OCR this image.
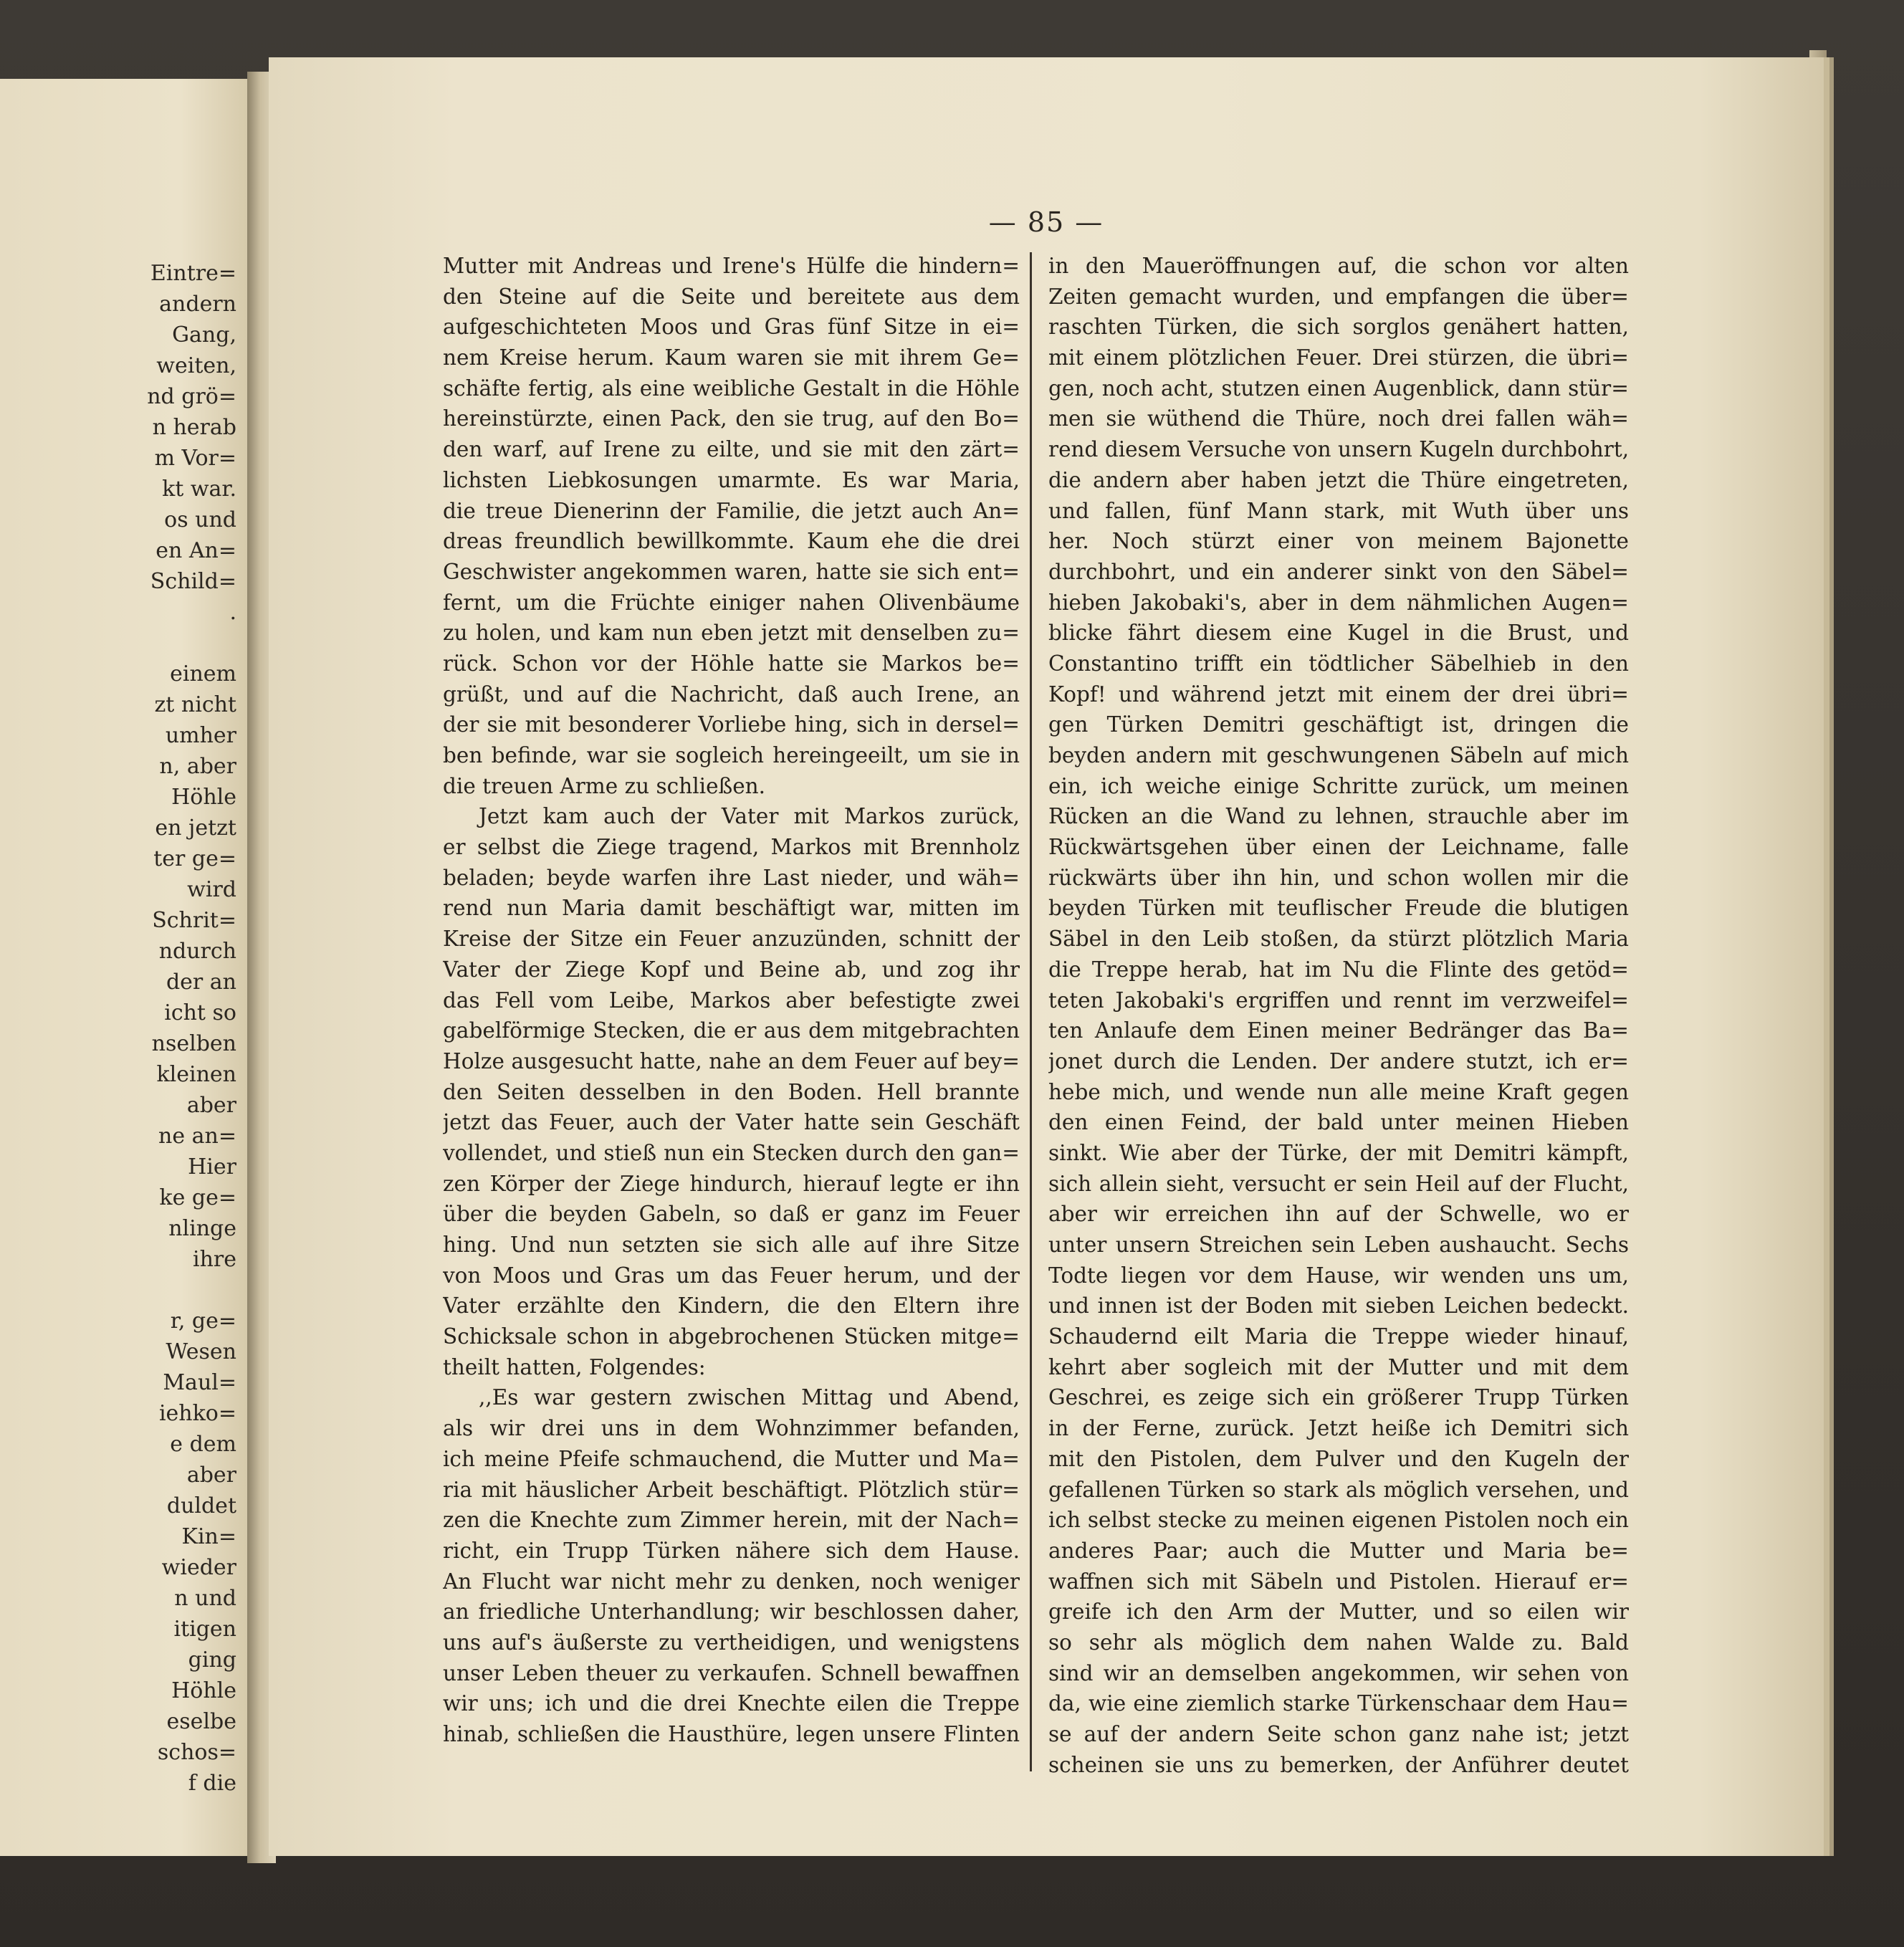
Eintre=
andern
Gang,
weiten,
nd grö=
n herab
m Vor=
kt war.
os und
en An=
Schild=
.
einem
zt nicht
umher
n, aber
Höhle
en jetzt
ter ge=
wird
Schrit=
ndurch
der an
icht so
nselben
kleinen
aber
ne an=
Hier
ke ge=
nlinge
ihre
r, ge=
Wesen
Maul=
iehko=
e dem
aber
duldet
Kin=
wieder
n und
itigen
ging
Höhle
eselbe
schos=
f die
— 85 —
Mutter mit Andreas und Irene's Hülfe die hindern=
den Steine auf die Seite und bereitete aus dem
aufgeschichteten Moos und Gras fünf Sitze in ei=
nem Kreise herum. Kaum waren sie mit ihrem Ge=
schäfte fertig, als eine weibliche Gestalt in die Höhle
hereinstürzte, einen Pack, den sie trug, auf den Bo=
den warf, auf Irene zu eilte, und sie mit den zärt=
lichsten Liebkosungen umarmte. Es war Maria,
die treue Dienerinn der Familie, die jetzt auch An=
dreas freundlich bewillkommte. Kaum ehe die drei
Geschwister angekommen waren, hatte sie sich ent=
fernt, um die Früchte einiger nahen Olivenbäume
zu holen, und kam nun eben jetzt mit denselben zu=
rück. Schon vor der Höhle hatte sie Markos be=
grüßt, und auf die Nachricht, daß auch Irene, an
der sie mit besonderer Vorliebe hing, sich in dersel=
ben befinde, war sie sogleich hereingeeilt, um sie in
die treuen Arme zu schließen.
Jetzt kam auch der Vater mit Markos zurück,
er selbst die Ziege tragend, Markos mit Brennholz
beladen; beyde warfen ihre Last nieder, und wäh=
rend nun Maria damit beschäftigt war, mitten im
Kreise der Sitze ein Feuer anzuzünden, schnitt der
Vater der Ziege Kopf und Beine ab, und zog ihr
das Fell vom Leibe, Markos aber befestigte zwei
gabelförmige Stecken, die er aus dem mitgebrachten
Holze ausgesucht hatte, nahe an dem Feuer auf bey=
den Seiten desselben in den Boden. Hell brannte
jetzt das Feuer, auch der Vater hatte sein Geschäft
vollendet, und stieß nun ein Stecken durch den gan=
zen Körper der Ziege hindurch, hierauf legte er ihn
über die beyden Gabeln, so daß er ganz im Feuer
hing. Und nun setzten sie sich alle auf ihre Sitze
von Moos und Gras um das Feuer herum, und der
Vater erzählte den Kindern, die den Eltern ihre
Schicksale schon in abgebrochenen Stücken mitge=
theilt hatten, Folgendes:
,,Es war gestern zwischen Mittag und Abend,
als wir drei uns in dem Wohnzimmer befanden,
ich meine Pfeife schmauchend, die Mutter und Ma=
ria mit häuslicher Arbeit beschäftigt. Plötzlich stür=
zen die Knechte zum Zimmer herein, mit der Nach=
richt, ein Trupp Türken nähere sich dem Hause.
An Flucht war nicht mehr zu denken, noch weniger
an friedliche Unterhandlung; wir beschlossen daher,
uns auf's äußerste zu vertheidigen, und wenigstens
unser Leben theuer zu verkaufen. Schnell bewaffnen
wir uns; ich und die drei Knechte eilen die Treppe
hinab, schließen die Hausthüre, legen unsere Flinten
in den Maueröffnungen auf, die schon vor alten
Zeiten gemacht wurden, und empfangen die über=
raschten Türken, die sich sorglos genähert hatten,
mit einem plötzlichen Feuer. Drei stürzen, die übri=
gen, noch acht, stutzen einen Augenblick, dann stür=
men sie wüthend die Thüre, noch drei fallen wäh=
rend diesem Versuche von unsern Kugeln durchbohrt,
die andern aber haben jetzt die Thüre eingetreten,
und fallen, fünf Mann stark, mit Wuth über uns
her. Noch stürzt einer von meinem Bajonette
durchbohrt, und ein anderer sinkt von den Säbel=
hieben Jakobaki's, aber in dem nähmlichen Augen=
blicke fährt diesem eine Kugel in die Brust, und
Constantino trifft ein tödtlicher Säbelhieb in den
Kopf! und während jetzt mit einem der drei übri=
gen Türken Demitri geschäftigt ist, dringen die
beyden andern mit geschwungenen Säbeln auf mich
ein, ich weiche einige Schritte zurück, um meinen
Rücken an die Wand zu lehnen, strauchle aber im
Rückwärtsgehen über einen der Leichname, falle
rückwärts über ihn hin, und schon wollen mir die
beyden Türken mit teuflischer Freude die blutigen
Säbel in den Leib stoßen, da stürzt plötzlich Maria
die Treppe herab, hat im Nu die Flinte des getöd=
teten Jakobaki's ergriffen und rennt im verzweifel=
ten Anlaufe dem Einen meiner Bedränger das Ba=
jonet durch die Lenden. Der andere stutzt, ich er=
hebe mich, und wende nun alle meine Kraft gegen
den einen Feind, der bald unter meinen Hieben
sinkt. Wie aber der Türke, der mit Demitri kämpft,
sich allein sieht, versucht er sein Heil auf der Flucht,
aber wir erreichen ihn auf der Schwelle, wo er
unter unsern Streichen sein Leben aushaucht. Sechs
Todte liegen vor dem Hause, wir wenden uns um,
und innen ist der Boden mit sieben Leichen bedeckt.
Schaudernd eilt Maria die Treppe wieder hinauf,
kehrt aber sogleich mit der Mutter und mit dem
Geschrei, es zeige sich ein größerer Trupp Türken
in der Ferne, zurück. Jetzt heiße ich Demitri sich
mit den Pistolen, dem Pulver und den Kugeln der
gefallenen Türken so stark als möglich versehen, und
ich selbst stecke zu meinen eigenen Pistolen noch ein
anderes Paar; auch die Mutter und Maria be=
waffnen sich mit Säbeln und Pistolen. Hierauf er=
greife ich den Arm der Mutter, und so eilen wir
so sehr als möglich dem nahen Walde zu. Bald
sind wir an demselben angekommen, wir sehen von
da, wie eine ziemlich starke Türkenschaar dem Hau=
se auf der andern Seite schon ganz nahe ist; jetzt
scheinen sie uns zu bemerken, der Anführer deutet
